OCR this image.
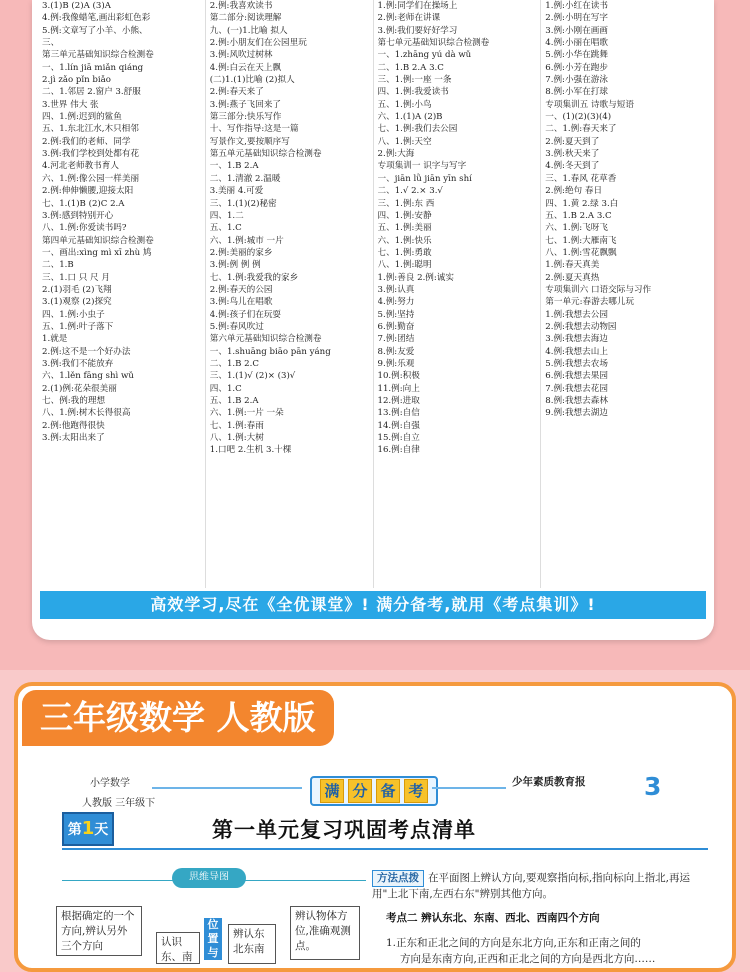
3.(1)B (2)A (3)A
4.例:我像蜡笔,画出彩虹色彩
5.例:文章写了小羊、小熊、
三、
第三单元基础知识综合检测卷
一、1.lín jiā miǎn qiáng
2.jì zǎo pǐn biǎo
二、1.邻居 2.窗户 3.舒服
3.世界 伟大 张
四、1.例:迟到的鲨鱼
五、1.东北江水,木只相邻
2.例:我们的老师、同学
3.例:我们学校到处都有花
4.河北老师教书育人
六、1.例:像公园一样美丽
2.例:伸伸懒腰,迎接太阳
七、1.(1)B (2)C 2.A
3.例:感到特别开心
八、1.例:你爱读书吗?
第四单元基础知识综合检测卷
一、画出:xìng mì xī zhù 鸠
二、1.B
三、1.口 只 尺 月
2.(1)羽毛 (2)飞翔
3.(1)观察 (2)探究
四、1.例:小虫子
五、1.例:叶子落下
1.就是
2.例:这不是一个好办法
3.例:我们不能放弃
六、1.lěn fāng shì wǔ
2.(1)例:花朵很美丽
七、例:我的理想
八、1.例:树木长得很高
2.例:他跑得很快
3.例:太阳出来了
2.例:我喜欢读书
第二部分:阅读理解
九、(一)1.比喻 拟人
2.例:小朋友们在公园里玩
3.例:风吹过树林
4.例:白云在天上飘
(二)1.(1)比喻 (2)拟人
2.例:春天来了
3.例:燕子飞回来了
第三部分:快乐写作
十、写作指导:这是一篇
写景作文,要按顺序写
第五单元基础知识综合检测卷
一、1.B 2.A
二、1.清澈 2.温暖
3.美丽 4.可爱
三、1.(1)(2)秘密
四、1.二
五、1.C
六、1.例:城市 一片
2.例:美丽的家乡
3.例:例 例 例
七、1.例:我爱我的家乡
2.例:春天的公园
3.例:鸟儿在唱歌
4.例:孩子们在玩耍
5.例:春风吹过
第六单元基础知识综合检测卷
一、1.shuāng biāo pān yáng
二、1.B 2.C
三、1.(1)√ (2)× (3)√
四、1.C
五、1.B 2.A
六、1.例:一片 一朵
七、1.例:春雨
八、1.例:大树
1.口吧 2.生机 3.十棵
1.例:同学们在操场上
2.例:老师在讲课
3.例:我们要好好学习
第七单元基础知识综合检测卷
一、1.zhāng yú dà wǔ
二、1.B 2.A 3.C
三、1.例:一座 一条
四、1.例:我爱读书
五、1.例:小鸟
六、1.(1)A (2)B
七、1.例:我们去公园
八、1.例:天空
2.例:大海
专项集训一 识字与写字
一、jiān lǜ jiān yīn shí
二、1.√ 2.× 3.√
三、1.例:东 西
四、1.例:安静
五、1.例:美丽
六、1.例:快乐
七、1.例:勇敢
八、1.例:聪明
1.例:善良 2.例:诚实
3.例:认真
4.例:努力
5.例:坚持
6.例:勤奋
7.例:团结
8.例:友爱
9.例:乐观
10.例:积极
11.例:向上
12.例:进取
13.例:自信
14.例:自强
15.例:自立
16.例:自律
1.例:小红在读书
2.例:小明在写字
3.例:小刚在画画
4.例:小丽在唱歌
5.例:小华在跳舞
6.例:小芳在跑步
7.例:小强在游泳
8.例:小军在打球
专项集训五 诗歌与短语
一、(1)(2)(3)(4)
二、1.例:春天来了
2.例:夏天到了
3.例:秋天来了
4.例:冬天到了
三、1.春风 花草香
2.例:绝句 春日
四、1.黄 2.绿 3.白
五、1.B 2.A 3.C
六、1.例:飞呀飞
七、1.例:大雁南飞
八、1.例:雪花飘飘
1.例:春天真美
2.例:夏天真热
专项集训六 口语交际与习作
第一单元:春游去哪儿玩
1.例:我想去公园
2.例:我想去动物园
3.例:我想去海边
4.例:我想去山上
5.例:我想去农场
6.例:我想去果园
7.例:我想去花园
8.例:我想去森林
9.例:我想去湖边
高效学习,尽在《全优课堂》! 满分备考,就用《考点集训》!
三年级数学 人教版
小学数学
人教版 三年级下
满 分 备 考	少年素质教育报 3
第1天	第一单元复习巩固考点清单
思维导图
根据确定的一个方向,辨认另外三个方向	认识东、南
位置与
辨认东北东南
辨认物体方位,准确观测点。
方法点拨 在平面图上辨认方向,要观察指向标,指向标向上指北,再运用"上北下南,左西右东"辨别其他方向。
考点二 辨认东北、东南、西北、西南四个方向
1.正东和正北之间的方向是东北方向,正东和正南之间的
方向是东南方向,正西和正北之间的方向是西北方向……
